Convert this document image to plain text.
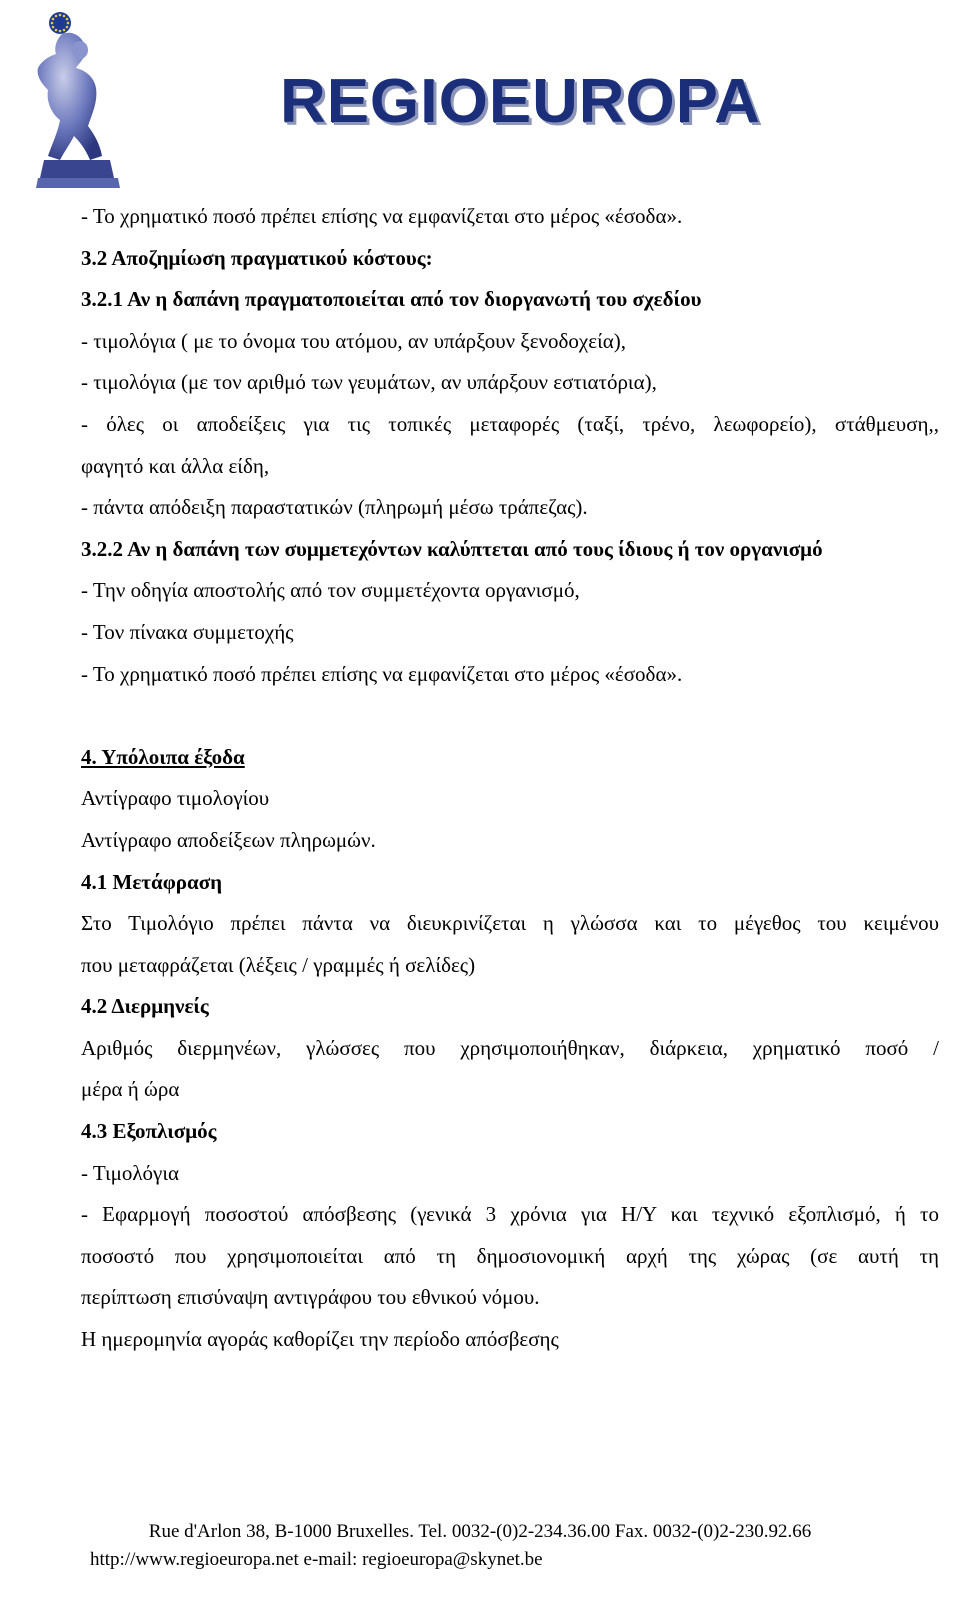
REGIOEUROPA
- Το χρηματικό ποσό πρέπει επίσης να εμφανίζεται στο μέρος «έσοδα».
3.2 Αποζημίωση πραγματικού κόστους:
3.2.1 Αν η δαπάνη πραγματοποιείται από τον διοργανωτή του σχεδίου
- τιμολόγια ( με το όνομα του ατόμου, αν υπάρξουν ξενοδοχεία),
- τιμολόγια (με τον αριθμό των γευμάτων, αν υπάρξουν εστιατόρια),
- όλες οι αποδείξεις για τις τοπικές μεταφορές (ταξί, τρένο, λεωφορείο), στάθμευση,,
φαγητό και άλλα είδη,
- πάντα απόδειξη παραστατικών (πληρωμή μέσω τράπεζας).
3.2.2 Αν η δαπάνη των συμμετεχόντων καλύπτεται από τους ίδιους ή τον οργανισμό
- Την οδηγία αποστολής από τον συμμετέχοντα οργανισμό,
- Τον πίνακα συμμετοχής
- Το χρηματικό ποσό πρέπει επίσης να εμφανίζεται στο μέρος «έσοδα».
4. Υπόλοιπα έξοδα
Αντίγραφο τιμολογίου
Αντίγραφο αποδείξεων πληρωμών.
4.1 Μετάφραση
Στο Τιμολόγιο πρέπει πάντα να διευκρινίζεται η γλώσσα και το μέγεθος του κειμένου
που μεταφράζεται (λέξεις / γραμμές ή σελίδες)
4.2 Διερμηνείς
Αριθμός διερμηνέων, γλώσσες που χρησιμοποιήθηκαν, διάρκεια, χρηματικό ποσό /
μέρα ή ώρα
4.3 Εξοπλισμός
- Τιμολόγια
- Εφαρμογή ποσοστού απόσβεσης (γενικά 3 χρόνια για Η/Υ και τεχνικό εξοπλισμό, ή το
ποσοστό που χρησιμοποιείται από τη δημοσιονομική αρχή της χώρας (σε αυτή τη
περίπτωση επισύναψη αντιγράφου του εθνικού νόμου.
Η ημερομηνία αγοράς καθορίζει την περίοδο απόσβεσης
Rue d'Arlon 38, B-1000 Bruxelles. Tel. 0032-(0)2-234.36.00 Fax. 0032-(0)2-230.92.66
http://www.regioeuropa.net e-mail: regioeuropa@skynet.be
